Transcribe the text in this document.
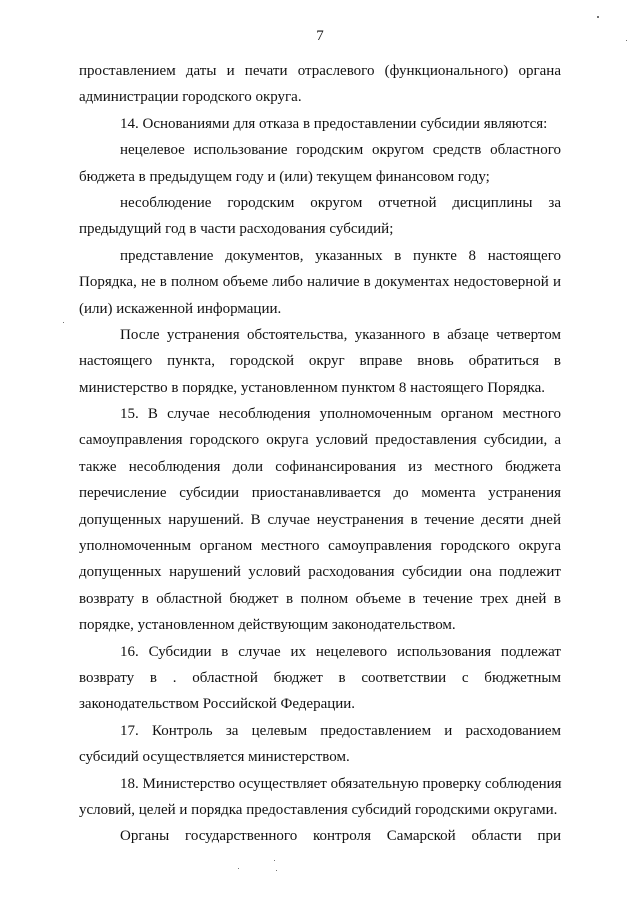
7
проставлением даты и печати отраслевого (функционального) органа
администрации городского округа.
14. Основаниями для отказа в предоставлении субсидии являются:
нецелевое использование городским округом средств областного
бюджета в предыдущем году и (или) текущем финансовом году;
несоблюдение городским округом отчетной дисциплины за
предыдущий год в части расходования субсидий;
представление документов, указанных в пункте 8 настоящего
Порядка, не в полном объеме либо наличие в документах недостоверной и
(или) искаженной информации.
После устранения обстоятельства, указанного в абзаце четвертом
настоящего пункта, городской округ вправе вновь обратиться в
министерство в порядке, установленном пунктом 8 настоящего Порядка.
15. В случае несоблюдения уполномоченным органом местного
самоуправления городского округа условий предоставления субсидии, а
также несоблюдения доли софинансирования из местного бюджета
перечисление субсидии приостанавливается до момента устранения
допущенных нарушений. В случае неустранения в течение десяти дней
уполномоченным органом местного самоуправления городского округа
допущенных нарушений условий расходования субсидии она подлежит
возврату в областной бюджет в полном объеме в течение трех дней в
порядке, установленном действующим законодательством.
16. Субсидии в случае их нецелевого использования подлежат
возврату в . областной бюджет в соответствии с бюджетным
законодательством Российской Федерации.
17. Контроль за целевым предоставлением и расходованием
субсидий осуществляется министерством.
18. Министерство осуществляет обязательную проверку соблюдения
условий, целей и порядка предоставления субсидий городскими округами.
Органы государственного контроля Самарской области при
